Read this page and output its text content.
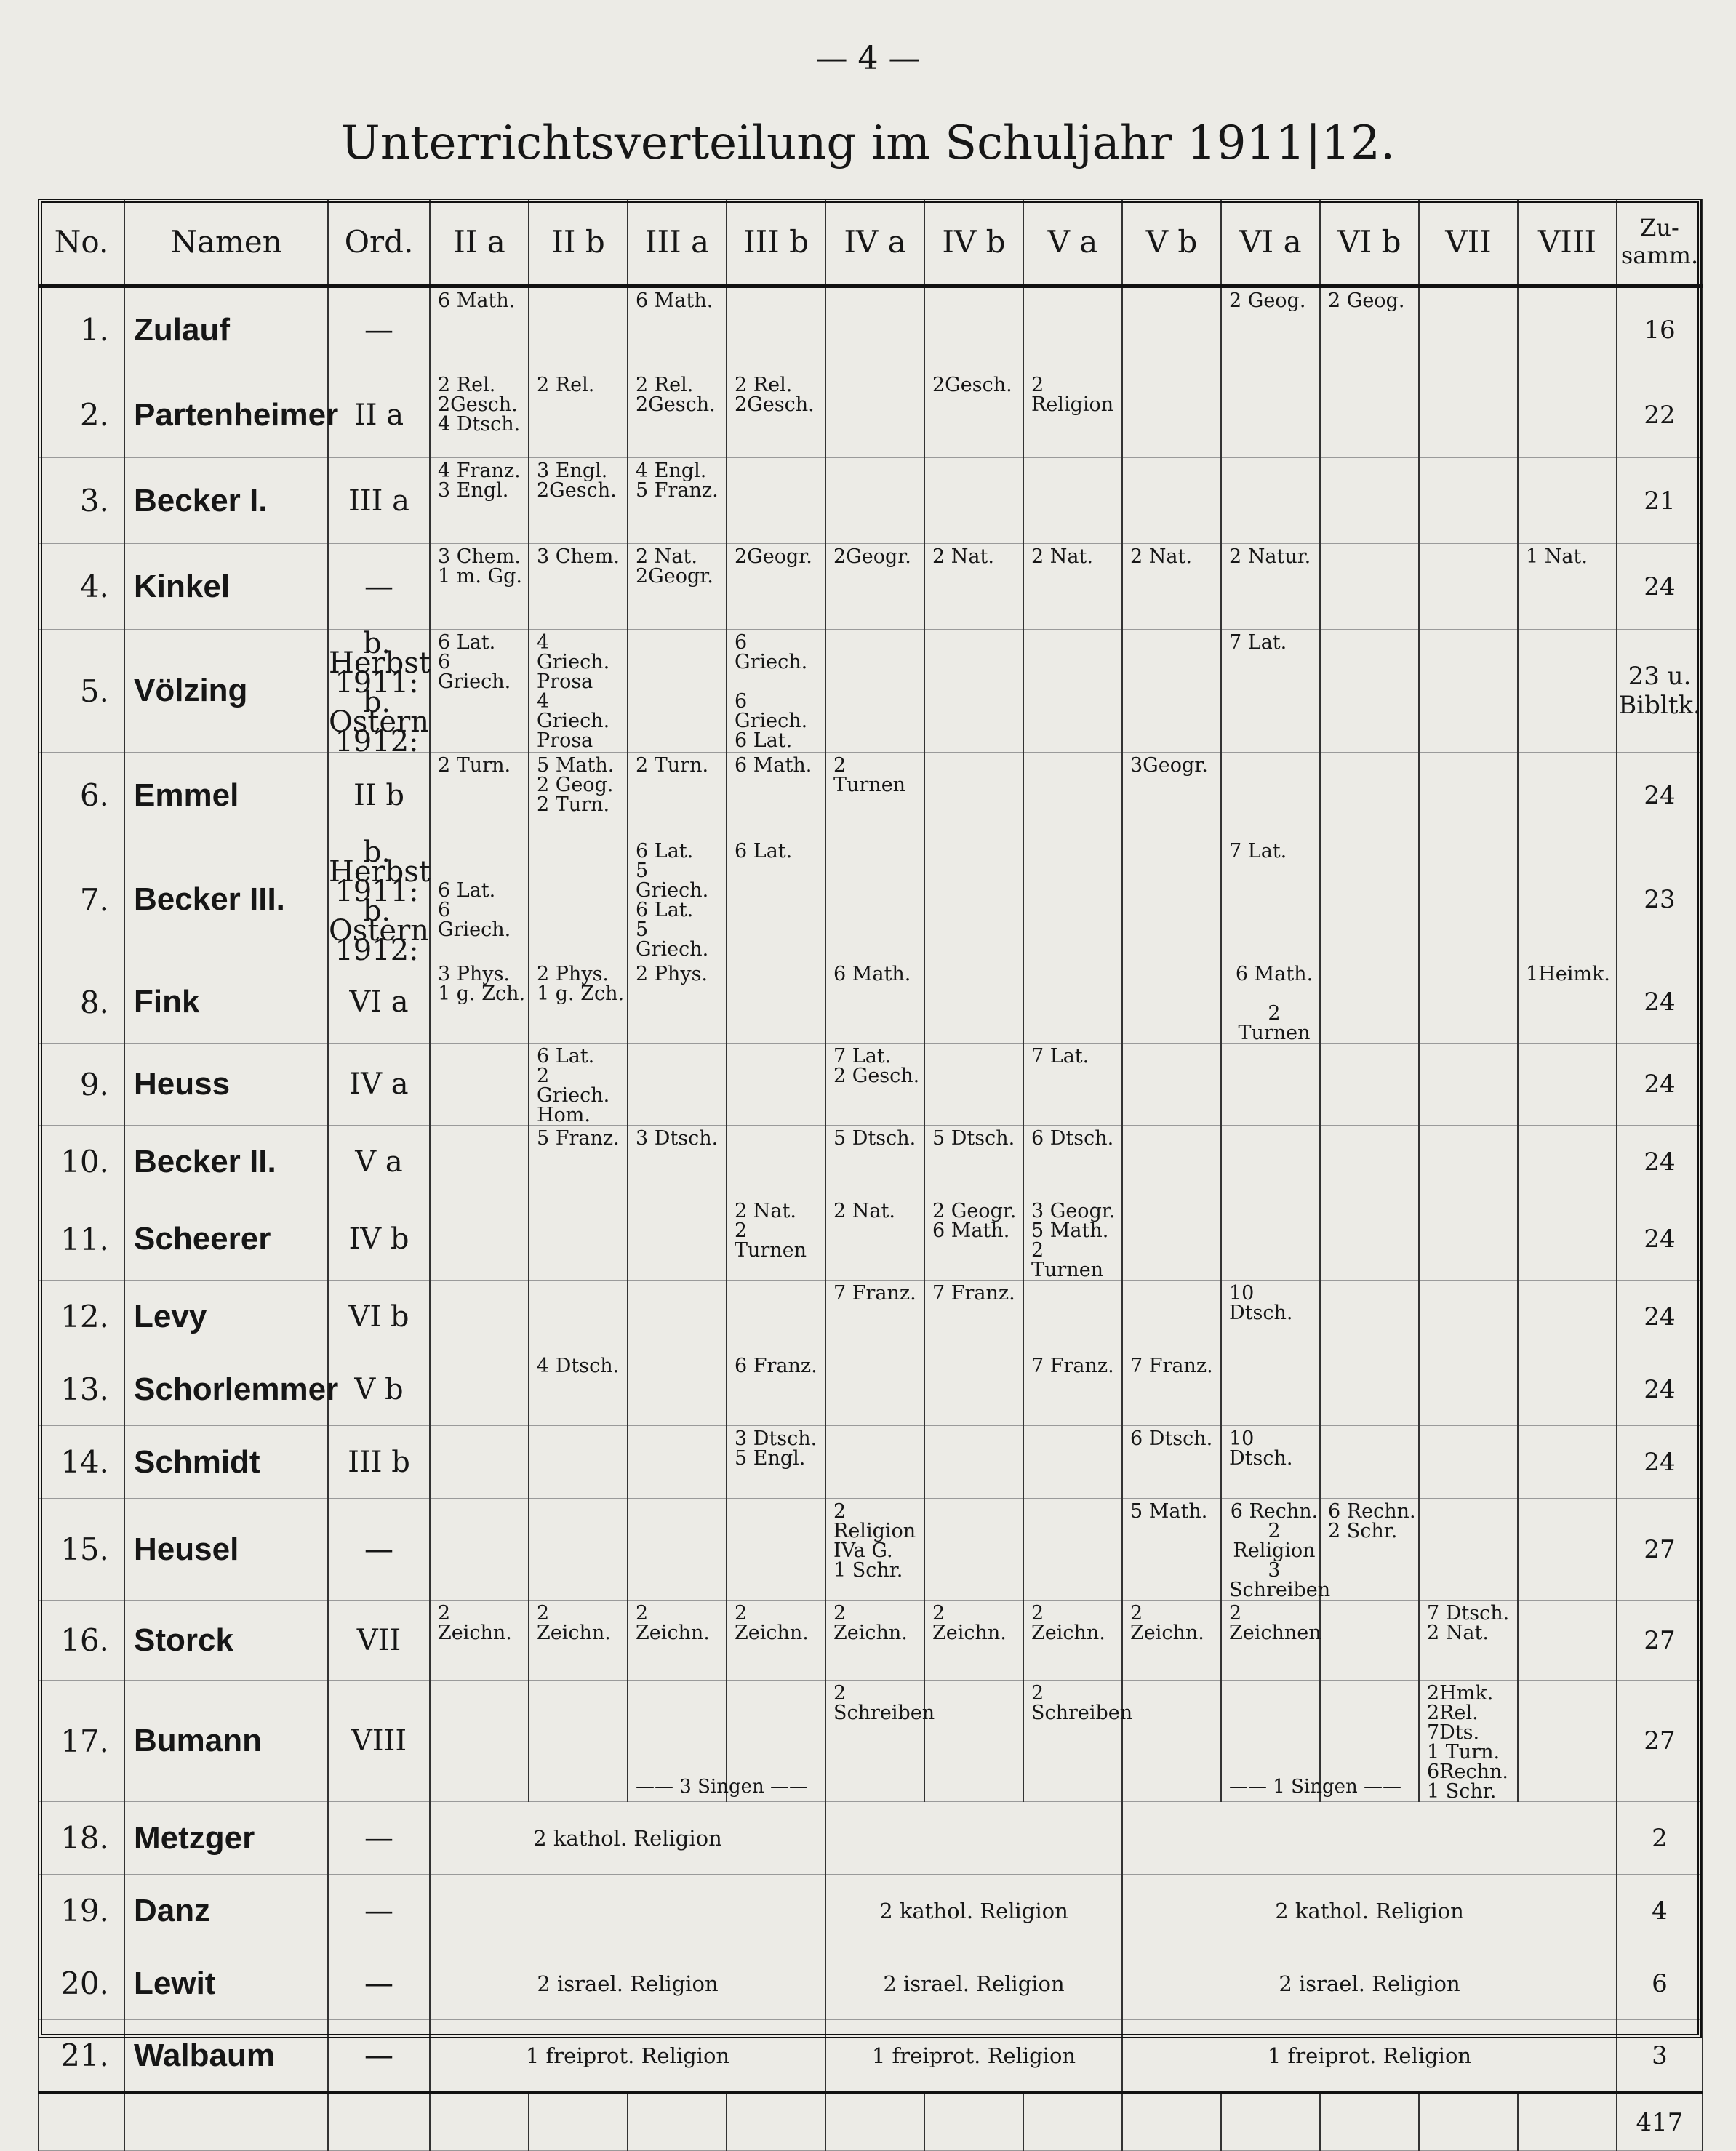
— 4 —
Unterrichtsverteilung im Schuljahr 1911|12.
No.	Namen	Ord.	II a	II b	III a	III b	IV a	IV b	V a	V b	VI a	VI b	VII	VIII	Zu-
samm.
1.	Zulauf	—	6 Math.		6 Math.						2 Geog.	2 Geog.			16
2.	Partenheimer	II a	2 Rel.
2Gesch.
4 Dtsch.	2 Rel.	2 Rel.
2Gesch.	2 Rel.
2Gesch.		2Gesch.	2 Religion						22
3.	Becker I.	III a	4 Franz.
3 Engl.	3 Engl.
2Gesch.	4 Engl.
5 Franz.										21
4.	Kinkel	—	3 Chem.
1 m. Gg.	3 Chem.	2 Nat.
2Geogr.	2Geogr.	2Geogr.	2 Nat.	2 Nat.	2 Nat.	2 Natur.			1 Nat.	24
5.	Völzing	b. Herbst
1911:
b. Ostern
1912:	6 Lat.
6 Griech.	4 Griech.
Prosa
4 Griech.
Prosa		6 Griech.

6 Griech.
6 Lat.					7 Lat.				23 u.
Bibltk.
6.	Emmel	II b	2 Turn.	5 Math.
2 Geog.
2 Turn.	2 Turn.	6 Math.	2 Turnen			3Geogr.					24
7.	Becker III.	b. Herbst
1911:
b. Ostern
1912:	

6 Lat.
6 Griech.		6 Lat.
5 Griech.
6 Lat.
5 Griech.	6 Lat.					7 Lat.				23
8.	Fink	VI a	3 Phys.
1 g. Zch.	2 Phys.
1 g. Zch.	2 Phys.		6 Math.				6 Math.

2 Turnen			1Heimk.	24
9.	Heuss	IV a		6 Lat.
2 Griech.
Hom.			7 Lat.
2 Gesch.		7 Lat.						24
10.	Becker II.	V a		5 Franz.	3 Dtsch.		5 Dtsch.	5 Dtsch.	6 Dtsch.						24
11.	Scheerer	IV b				2 Nat.
2 Turnen	2 Nat.	2 Geogr.
6 Math.	3 Geogr.
5 Math.
2 Turnen						24
12.	Levy	VI b					7 Franz.	7 Franz.			10 Dtsch.				24
13.	Schorlemmer	V b		4 Dtsch.		6 Franz.			7 Franz.	7 Franz.					24
14.	Schmidt	III b				3 Dtsch.
5 Engl.				6 Dtsch.	10 Dtsch.				24
15.	Heusel	—					2 Religion
IVa G.
1 Schr.			5 Math.	6 Rechn.
2 Religion
3 Schreiben	6 Rechn.
2 Schr.			27
16.	Storck	VII	2 Zeichn.	2 Zeichn.	2 Zeichn.	2 Zeichn.	2 Zeichn.	2 Zeichn.	2 Zeichn.	2 Zeichn.	2 Zeichnen		7 Dtsch.
2 Nat.		27
17.	Bumann	VIII			—— 3 Singen ——		2 Schreiben		2 Schreiben		—— 1 Singen ——		2Hmk. 2Rel. 7Dts.
1 Turn. 6Rechn.
1 Schr.		27
18.	Metzger	—	2 kathol. Religion												2
19.	Danz	—					2 kathol. Religion			2 kathol. Religion					4
20.	Lewit	—	2 israel. Religion				2 israel. Religion			2 israel. Religion					6
21.	Walbaum	—	1 freiprot. Religion				1 freiprot. Religion			1 freiprot. Religion					3
															417
